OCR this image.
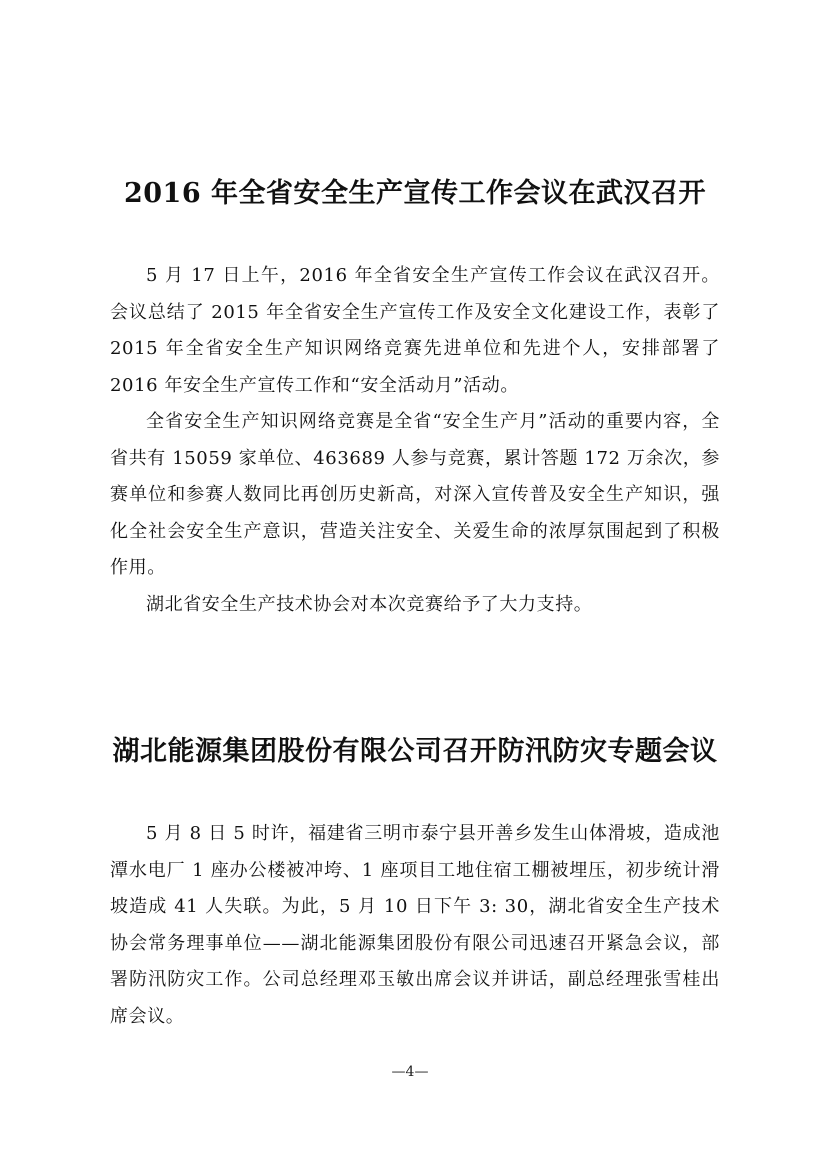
2016 年全省安全生产宣传工作会议在武汉召开

5 月 17 日上午，2016 年全省安全生产宣传工作会议在武汉召开。会议总结了 2015 年全省安全生产宣传工作及安全文化建设工作，表彰了 2015 年全省安全生产知识网络竞赛先进单位和先进个人，安排部署了 2016 年安全生产宣传工作和“安全活动月”活动。

全省安全生产知识网络竞赛是全省“安全生产月”活动的重要内容，全省共有 15059 家单位、463689 人参与竞赛，累计答题 172 万余次，参赛单位和参赛人数同比再创历史新高，对深入宣传普及安全生产知识，强化全社会安全生产意识，营造关注安全、关爱生命的浓厚氛围起到了积极作用。

湖北省安全生产技术协会对本次竞赛给予了大力支持。

湖北能源集团股份有限公司召开防汛防灾专题会议

5 月 8 日 5 时许，福建省三明市泰宁县开善乡发生山体滑坡，造成池潭水电厂 1 座办公楼被冲垮、1 座项目工地住宿工棚被埋压，初步统计滑坡造成 41 人失联。为此，5 月 10 日下午 3: 30，湖北省安全生产技术协会常务理事单位——湖北能源集团股份有限公司迅速召开紧急会议，部署防汛防灾工作。公司总经理邓玉敏出席会议并讲话，副总经理张雪桂出席会议。

—4—
